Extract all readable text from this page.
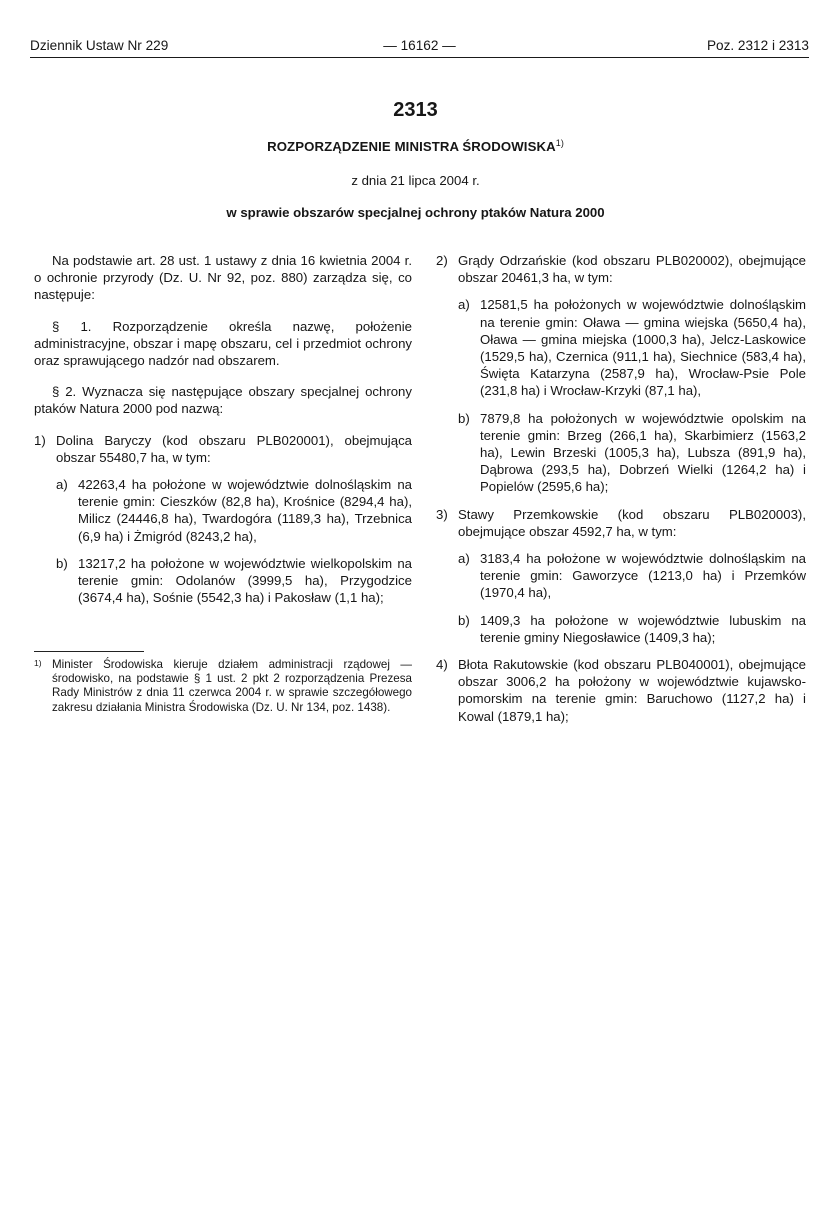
Dziennik Ustaw Nr 229	— 16162 —	Poz. 2312 i 2313
2313
ROZPORZĄDZENIE MINISTRA ŚRODOWISKA$^{1)}$
z dnia 21 lipca 2004 r.
w sprawie obszarów specjalnej ochrony ptaków Natura 2000

Na podstawie art. 28 ust. 1 ustawy z dnia 16 kwietnia 2004 r. o ochronie przyrody (Dz. U. Nr 92, poz. 880) zarządza się, co następuje:

§ 1. Rozporządzenie określa nazwę, położenie administracyjne, obszar i mapę obszaru, cel i przedmiot ochrony oraz sprawującego nadzór nad obszarem.

§ 2. Wyznacza się następujące obszary specjalnej ochrony ptaków Natura 2000 pod nazwą:

1) Dolina Baryczy (kod obszaru PLB020001), obejmująca obszar 55480,7 ha, w tym:
a) 42263,4 ha położone w województwie dolnośląskim na terenie gmin: Cieszków (82,8 ha), Krośnice (8294,4 ha), Milicz (24446,8 ha), Twardogóra (1189,3 ha), Trzebnica (6,9 ha) i Żmigród (8243,2 ha),
b) 13217,2 ha położone w województwie wielkopolskim na terenie gmin: Odolanów (3999,5 ha), Przygodzice (3674,4 ha), Sośnie (5542,3 ha) i Pakosław (1,1 ha);
1) Minister Środowiska kieruje działem administracji rządowej — środowisko, na podstawie § 1 ust. 2 pkt 2 rozporządzenia Prezesa Rady Ministrów z dnia 11 czerwca 2004 r. w sprawie szczegółowego zakresu działania Ministra Środowiska (Dz. U. Nr 134, poz. 1438).
2) Grądy Odrzańskie (kod obszaru PLB020002), obejmujące obszar 20461,3 ha, w tym:
a) 12581,5 ha położonych w województwie dolnośląskim na terenie gmin: Oława — gmina wiejska (5650,4 ha), Oława — gmina miejska (1000,3 ha), Jelcz-Laskowice (1529,5 ha), Czernica (911,1 ha), Siechnice (583,4 ha), Święta Katarzyna (2587,9 ha), Wrocław-Psie Pole (231,8 ha) i Wrocław-Krzyki (87,1 ha),
b) 7879,8 ha położonych w województwie opolskim na terenie gmin: Brzeg (266,1 ha), Skarbimierz (1563,2 ha), Lewin Brzeski (1005,3 ha), Lubsza (891,9 ha), Dąbrowa (293,5 ha), Dobrzeń Wielki (1264,2 ha) i Popielów (2595,6 ha);
3) Stawy Przemkowskie (kod obszaru PLB020003), obejmujące obszar 4592,7 ha, w tym:
a) 3183,4 ha położone w województwie dolnośląskim na terenie gmin: Gaworzyce (1213,0 ha) i Przemków (1970,4 ha),
b) 1409,3 ha położone w województwie lubuskim na terenie gminy Niegosławice (1409,3 ha);
4) Błota Rakutowskie (kod obszaru PLB040001), obejmujące obszar 3006,2 ha położony w województwie kujawsko-pomorskim na terenie gmin: Baruchowo (1127,2 ha) i Kowal (1879,1 ha);
